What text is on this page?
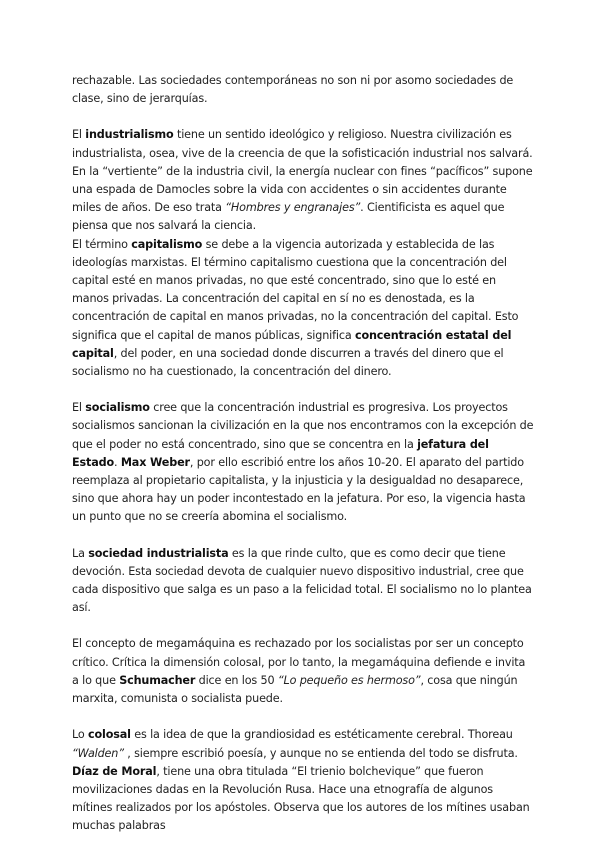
rechazable. Las sociedades contemporáneas no son ni por asomo sociedades de clase, sino de jerarquías.

El industrialismo tiene un sentido ideológico y religioso. Nuestra civilización es industrialista, osea, vive de la creencia de que la sofisticación industrial nos salvará. En la “vertiente” de la industria civil, la energía nuclear con fines “pacíficos” supone una espada de Damocles sobre la vida con accidentes o sin accidentes durante miles de años. De eso trata “Hombres y engranajes”. Cientificista es aquel que piensa que nos salvará la ciencia.

El término capitalismo se debe a la vigencia autorizada y establecida de las ideologías marxistas. El término capitalismo cuestiona que la concentración del capital esté en manos privadas, no que esté concentrado, sino que lo esté en manos privadas. La concentración del capital en sí no es denostada, es la concentración de capital en manos privadas, no la concentración del capital. Esto significa que el capital de manos públicas, significa concentración estatal del capital, del poder, en una sociedad donde discurren a través del dinero que el socialismo no ha cuestionado, la concentración del dinero.

El socialismo cree que la concentración industrial es progresiva. Los proyectos socialismos sancionan la civilización en la que nos encontramos con la excepción de que el poder no está concentrado, sino que se concentra en la jefatura del Estado. Max Weber, por ello escribió entre los años 10-20. El aparato del partido reemplaza al propietario capitalista, y la injusticia y la desigualdad no desaparece, sino que ahora hay un poder incontestado en la jefatura. Por eso, la vigencia hasta un punto que no se creería abomina el socialismo.

La sociedad industrialista es la que rinde culto, que es como decir que tiene devoción. Esta sociedad devota de cualquier nuevo dispositivo industrial, cree que cada dispositivo que salga es un paso a la felicidad total. El socialismo no lo plantea así.

El concepto de megamáquina es rechazado por los socialistas por ser un concepto crítico. Crítica la dimensión colosal, por lo tanto, la megamáquina defiende e invita a lo que Schumacher dice en los 50 “Lo pequeño es hermoso”, cosa que ningún marxita, comunista o socialista puede.

Lo colosal es la idea de que la grandiosidad es estéticamente cerebral. Thoreau “Walden” , siempre escribió poesía, y aunque no se entienda del todo se disfruta. Díaz de Moral, tiene una obra titulada “El trienio bolchevique” que fueron movilizaciones dadas en la Revolución Rusa. Hace una etnografía de algunos mítines realizados por los apóstoles. Observa que los autores de los mítines usaban muchas palabras
